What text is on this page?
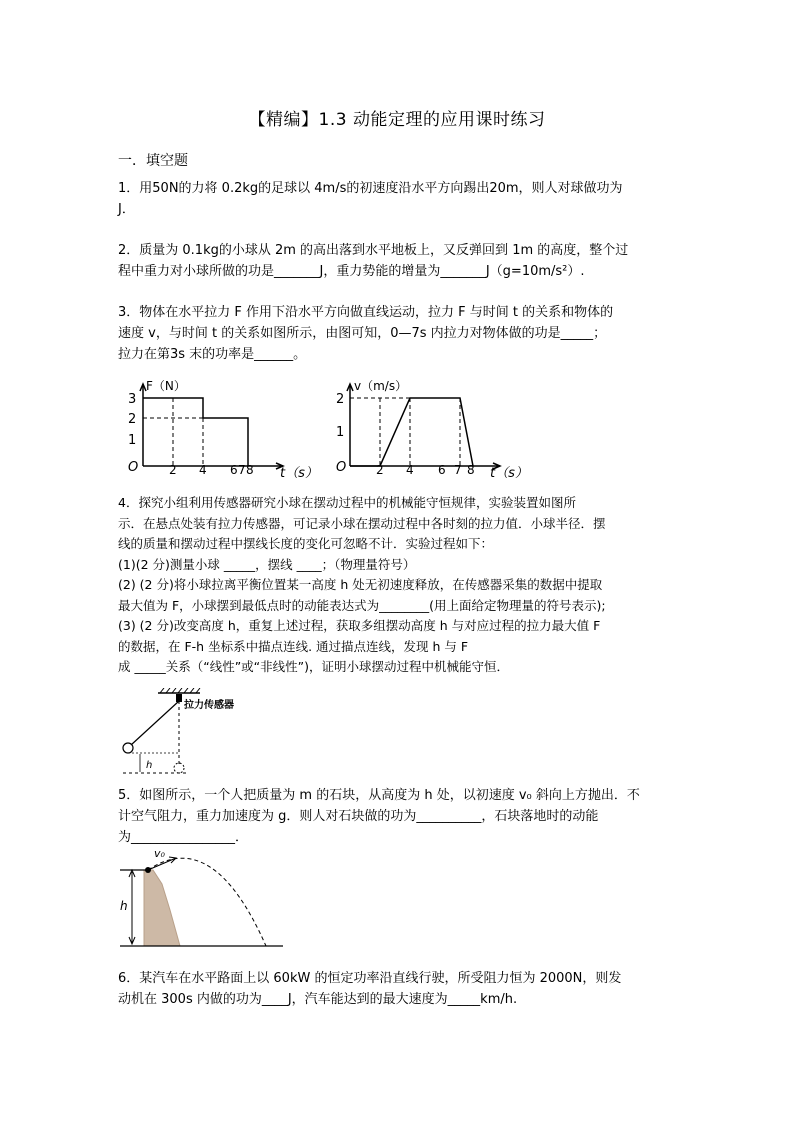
【精编】1.3 动能定理的应用课时练习
一．填空题

1．用50N的力将 0.2kg的足球以 4m/s的初速度沿水平方向踢出20m，则人对球做功为

J．

2．质量为 0.1kg的小球从 2m 的高出落到水平地板上，又反弹回到 1m 的高度，整个过

程中重力对小球所做的功是_______J，重力势能的增量为_______J（g=10m/s²）.

3．物体在水平拉力 F 作用下沿水平方向做直线运动，拉力 F 与时间 t 的关系和物体的

速度 v，与时间 t 的关系如图所示，由图可知，0—7s 内拉力对物体做的功是_____；

拉力在第3s 末的功率是______。

F（N）
3
2
1
O	2 4 6 7 8 t（s）
v（m/s）
2
1
O 2 4 6 7 8 t（s）

4．探究小组利用传感器研究小球在摆动过程中的机械能守恒规律，实验装置如图所

示．在悬点处装有拉力传感器，可记录小球在摆动过程中各时刻的拉力值．小球半径．摆

线的质量和摆动过程中摆线长度的变化可忽略不计．实验过程如下：

(1)(2 分)测量小球 _____，摆线 ____；（物理量符号）

(2) (2 分)将小球拉离平衡位置某一高度 h 处无初速度释放，在传感器采集的数据中提取

最大值为 F，小球摆到最低点时的动能表达式为________(用上面给定物理量的符号表示);

(3) (2 分)改变高度 h，重复上述过程，获取多组摆动高度 h 与对应过程的拉力最大值 F

的数据，在 F-h 坐标系中描点连线. 通过描点连线，发现 h 与 F

成 _____关系（“线性”或“非线性”)，证明小球摆动过程中机械能守恒．

h
拉力传感器

5．如图所示，一个人把质量为 m 的石块，从高度为 h 处，以初速度 v₀ 斜向上方抛出．不

计空气阻力，重力加速度为 g．则人对石块做的功为__________，石块落地时的动能

为________________．

h
v₀

6．某汽车在水平路面上以 60kW 的恒定功率沿直线行驶，所受阻力恒为 2000N，则发

动机在 300s 内做的功为____J，汽车能达到的最大速度为_____km/h.
